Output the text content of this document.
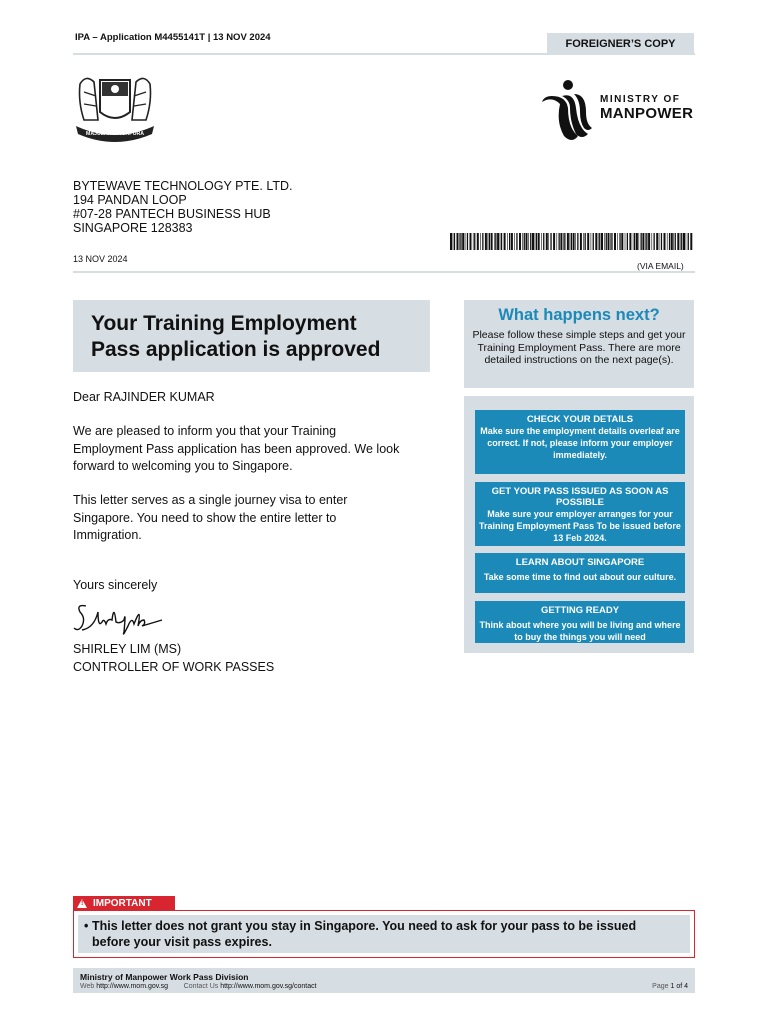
IPA – Application M4455141T | 13 NOV 2024	FOREIGNER’S COPY
MAJULAH SINGAPURA
MINISTRY OF
MANPOWER
BYTEWAVE TECHNOLOGY PTE. LTD.
194 PANDAN LOOP
#07-28 PANTECH BUSINESS HUB
SINGAPORE 128383
13 NOV 2024
(VIA EMAIL)
Your Training Employment
Pass application is approved
Dear RAJINDER KUMAR
We are pleased to inform you that your Training Employment Pass application has been approved. We look forward to welcoming you to Singapore.
This letter serves as a single journey visa to enter Singapore. You need to show the entire letter to Immigration.
Yours sincerely
SHIRLEY LIM (MS)
CONTROLLER OF WORK PASSES
What happens next?

Please follow these simple steps and get your Training Employment Pass. There are more detailed instructions on the next page(s).

CHECK YOUR DETAILS
Make sure the employment details overleaf are correct. If not, please inform your employer immediately.
GET YOUR PASS ISSUED AS SOON AS POSSIBLE
Make sure your employer arranges for your Training Employment Pass To be issued before 13 Feb 2024.
LEARN ABOUT SINGAPORE
Take some time to find out about our culture.
GETTING READY
Think about where you will be living and where to buy the things you will need
! IMPORTANT
• This letter does not grant you stay in Singapore. You need to ask for your pass to be issued before your visit pass expires.
Ministry of Manpower Work Pass Division
Web http://www.mom.gov.sg Contact Us http://www.mom.gov.sg/contact	Page 1 of 4
